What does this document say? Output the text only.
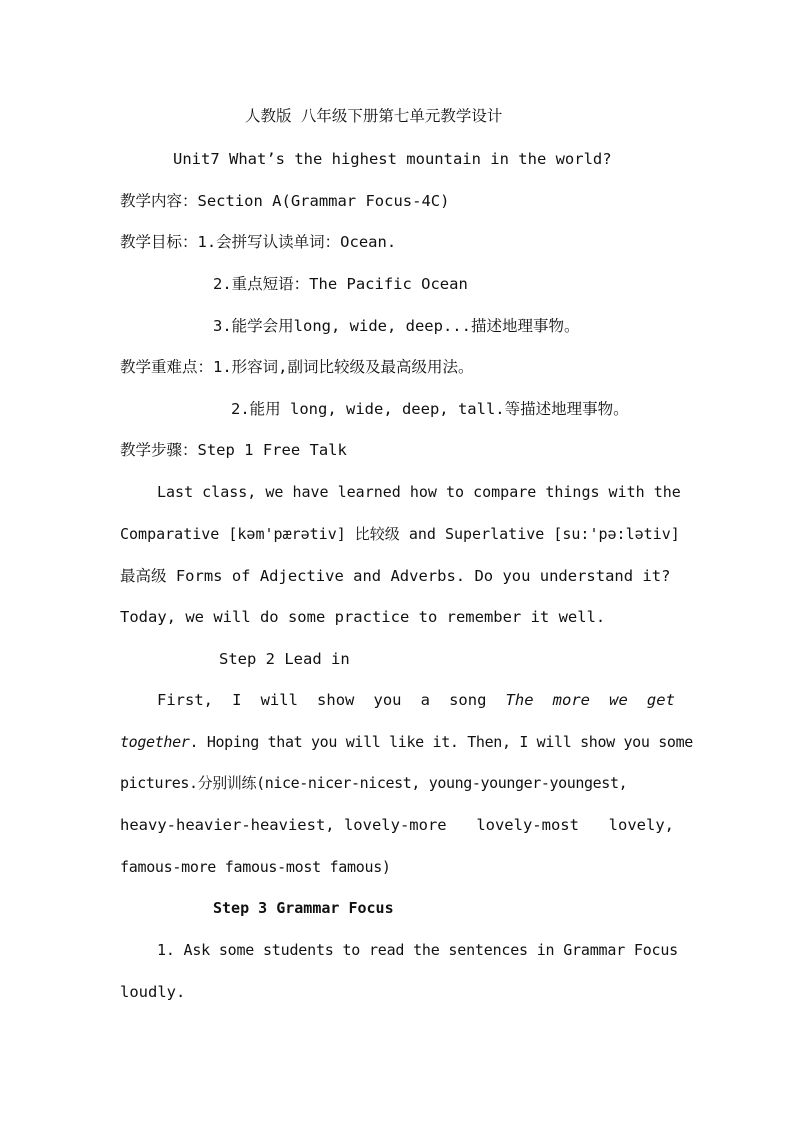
人教版 八年级下册第七单元教学设计
Unit7 What’s the highest mountain in the world?
教学内容：Section A(Grammar Focus-4C)
教学目标：1.会拼写认读单词：Ocean.
2.重点短语：The Pacific Ocean
3.能学会用long, wide, deep...描述地理事物。
教学重难点：1.形容词,副词比较级及最高级用法。
2.能用 long, wide, deep, tall.等描述地理事物。
教学步骤：Step 1 Free Talk
Last class, we have learned how to compare things with the
Comparative [kəm'pærətiv] 比较级 and Superlative [su:'pə:lətiv]
最高级 Forms of Adjective and Adverbs. Do you understand it?
Today, we will do some practice to remember it well.
Step 2 Lead in
First, I will show you a song The more we get
together. Hoping that you will like it. Then, I will show you some
pictures.分别训练(nice-nicer-nicest, young-younger-youngest,
heavy-heavier-heaviest, lovely-more lovely-most lovely,
famous-more famous-most famous)
Step 3 Grammar Focus
1. Ask some students to read the sentences in Grammar Focus
loudly.
